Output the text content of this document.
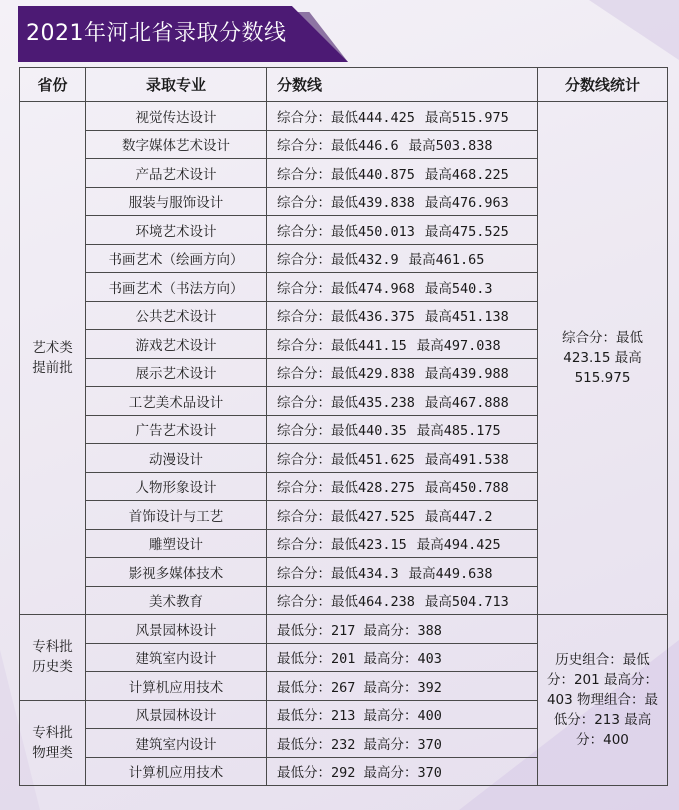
2021年河北省录取分数线
省份	录取专业	分数线	分数线统计

艺术类
提前批	视觉传达设计	综合分：最低444.425 最高515.975	综合分：最低423.15 最高515.975
	数字媒体艺术设计	综合分：最低446.6 最高503.838	
	产品艺术设计	综合分：最低440.875 最高468.225	
	服装与服饰设计	综合分：最低439.838 最高476.963	
	环境艺术设计	综合分：最低450.013 最高475.525	
	书画艺术（绘画方向）	综合分：最低432.9 最高461.65	
	书画艺术（书法方向）	综合分：最低474.968 最高540.3	
	公共艺术设计	综合分：最低436.375 最高451.138	
	游戏艺术设计	综合分：最低441.15 最高497.038	
	展示艺术设计	综合分：最低429.838 最高439.988	
	工艺美术品设计	综合分：最低435.238 最高467.888	
	广告艺术设计	综合分：最低440.35 最高485.175	
	动漫设计	综合分：最低451.625 最高491.538	
	人物形象设计	综合分：最低428.275 最高450.788	
	首饰设计与工艺	综合分：最低427.525 最高447.2	
	雕塑设计	综合分：最低423.15 最高494.425	
	影视多媒体技术	综合分：最低434.3 最高449.638	
	美术教育	综合分：最低464.238 最高504.713	

专科批
历史类	风景园林设计	最低分：217 最高分：388	历史组合：最低分：201 最高分：403 物理组合：最低分：213 最高分：400
	建筑室内设计	最低分：201 最高分：403	
	计算机应用技术	最低分：267 最高分：392	

专科批
物理类	风景园林设计	最低分：213 最高分：400	
	建筑室内设计	最低分：232 最高分：370	
	计算机应用技术	最低分：292 最高分：370	
